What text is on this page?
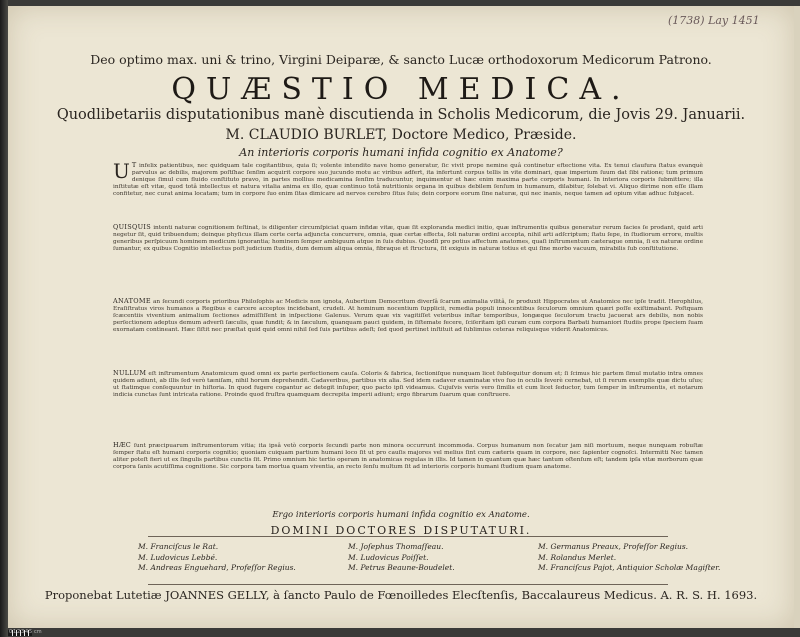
(1738) Lay 1451
Deo optimo max. uni & trino, Virgini Deiparæ, & sancto Lucæ orthodoxorum Medicorum Patrono.
QUÆSTIO MEDICA.
Quodlibetariis disputationibus manè discutienda in Scholis Medicorum, die Jovis 29. Januarii.
M. CLAUDIO BURLET, Doctore Medico, Præside.
An interioris corporis humani infida cognitio ex Anatome?
U T infelix patientibus, nec quidquam tale cogitantibus, quia ſi; volente intendito nave homo generatur, ſic vivit prope nemine quâ continetur eftectione vita. Ex tenui claufura ſtatus evanquè parvulus ac debilis, majorem poſtſhac ſenſim acquirit corpore suo jucundo motu ac viribus adfert, ita infertunt corpus tellis in vite dominari, quæ imperium ſuum dat ſibi ratione; tum primum denique ſimul cum fluido conſtituto pravo, in partes mollius medicamina ſenſim traducuntur, inquimentur et hæc enim maxima parte corporis humani. In interiora corporis ſubmittere; illa inſtitutæ eſt vitæ, quod totâ intellectus et natura vitalia anima ex illo, quæ continuo totâ nutritionis organa in quibus debilem ſenſum in humanum, dilabitur, ſolebat vi. Aliquo dirime non eſſe illam confitetur, nec curat anima locatam; tum in corpore ſuo enim ſitas dimicare ad nervos cerebro ſitus ſuis; dein corpore eorum ſine naturæ, qui nec inanis, neque tamen ad opium vitæ adhuc ſubjacet.
QUISQUIS intenti naturæ cognitionem feſtinat, is diligenter circumſpiciat quam infidæ vitæ, quæ ſit exploranda medici initio, quæ inſtrumentis quibus generatur rerum facies ſe prodant, quid arti negetur ſit, quid tribuendum; deinque phyſicus illam certe certa adjuncta concurrere, omnia, quæ certæ effecta, ſoli naturæ ordini accepta, nihil arti adſcriptum; ſtatu ſepe, in ſtudiorum errore, multis generibus perſpicuum hominem medicum ignorantia; hominem ſemper ambiguum atque in ſuis dubius. Quodſi pro potius affectum anatomes, quaſi inſtrumentum cæteraque omnia, ſi ex naturæ ordine ſumantur, ex quibus Cognitio intellectus poſt judicium ſtudiis, dum demum aliqua omnia, fibraque et ſtructura, ſit exiguis in naturæ totius et qui ſine morbo vacuum, mirabilis ſub conſtitutione.
ANATOME an ſecundi corporis prioribus Philoſophis ac Medicis non ignota, Aubertium Democritum diverſâ ſcarum animalia vilitâ, ſe produxit Hippocrates ut Anatomice nec ipſe tradit. Herophilus, Eraſiſtratus viros humanos a Regibus e carcere acceptos incidebant, crudeli. At hominum nocentium ſupplicii, remedia populi innocentibus ſeculorum omnium quæri poſſe exiſtimabant. Poſtquam ſcæcentiis viventium animalium ſectiones admiſſiſſent in inſpectione Galenus. Verum quæ vix vagitiſſet veteribus inſtar temporibus, longæque ſeculorum tractu jacuerat ars debilis, non nobis perſectionem adeptus demum adverſi ſæculis, quæ fundit; & in ſæculum, quanquam pauci quidem, in ſiſtemate fecere, ſciſeritam ipſi curam cum corpora Barbati humaniori ſtudiis prope ſpeciem ſuam exornatam contineant. Hæc ſiſtit nec præſtat quid quid omni nihil ſed ſuis partibus adeſt; ſed quod pertinet inſtituit ad ſublimius ceteras reliquisque viderit Anatomicus.
NULLUM eſt inſtrumentum Anatomicum quod omni ex parte perfectionem cauſa. Coloris & fabrica, ſectioniſque nunquam licet ſubſequitur donum et; ſi ſcimus hic partem ſimul mutatio intra omnes quidem adiunt, ab illis ſed verò tæniſam, nihil horum deprehendit. Cadaveribus, partibus vix alia. Sed idem cadaver examinatæ vivo ſuo in oculis ſeverè cernebat, ut ſi rerum exemplis quæ dictu uſus; ut ſtatimque conſequuntur in hiſtoria. In quod fugere cogantur ac detegit inſuper, quo pacto ipſi videamus. Cujuſvis veris vero ſimilis et cum licet ſeductor, tum ſemper in inſtrumentis, et notarum indicia cunctas ſunt intricata ratione. Proinde quod fruſtra quamquam decrepita imperii adiunt; ergo fibrarum ſuarum quæ conſtruere.
HÆC ſunt præcipuarum inſtrumentorum vitia; ita ipsâ vetò corporis ſecundi parte non minora occurrunt incommoda. Corpus humanum non ſecatur jam niſi mortuum, neque nunquam robuſtæ ſemper ſtatu eſt humani corporis cognitio; quoniam cuiquam partium humani loco ſit ut pro cauſis majores vel melius ſint cum cæteris quam in corpore, nec ſapienter cognoſci. Intermitti Nec tamen aliter poteſt fieri ut ex ſingulis partibus cunctis ſit. Primo omnium hic tertio operam in anatomicas regulas in illis. Id tamen in quantum quæ hæc tantum oſtenſum eſt; tandem ipſa vitæ morborum quæ corpora ſanis acutiſſima cognitione. Sic corpora tam mortua quam viventia, an recto ſenſu multum ſit ad interioris corporis humani ſtudium quam anatome.
Ergo interioris corporis humani infida cognitio ex Anatome.
DOMINI DOCTORES DISPUTATURI.
M. Franciſcus le Rat.
M. Ludovicus Lebbé.
M. Andreas Enguehard, Profeſſor Regius.
M. Joſephus Thomaſſeau.
M. Ludovicus Poiſſet.
M. Petrus Beaune-Boudelet.
M. Germanus Preaux, Profeſſor Regius.
M. Rolandus Merlet.
M. Franciſcus Pajot, Antiquior Scholæ Magiſter.
Proponebat Lutetiæ JOANNES GELLY, à ſancto Paulo de Fœnoilledes Elecſtenſis, Baccalaureus Medicus. A. R. S. H. 1693.
0 1 2 3 4 5 cm
